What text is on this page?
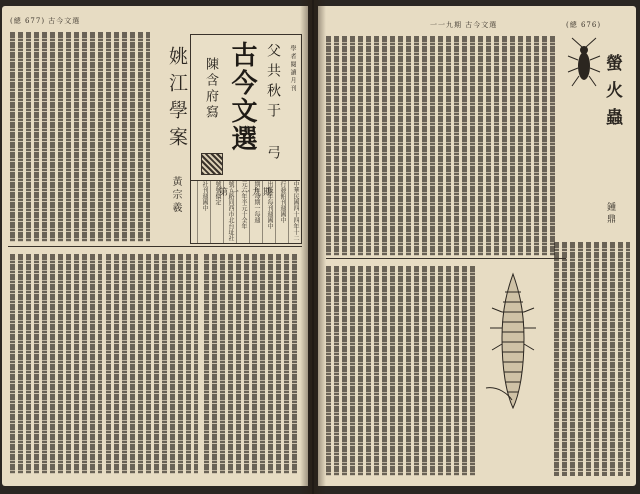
(總 677) 古今文選
姚江學案
黃宗羲
學者閱讀月刊
父共秋于 弓
古今文選
陳含府寫
第一一九期
中華民國四十四年十二
行發館刊週國中
出版年每刊週國中
期年每期一每週
元六年半元十全年
號五路同西市北台址社
號號價定
社刊週國中
一一九期 古今文選	(總 676)
螢火蟲
鍾鼎
